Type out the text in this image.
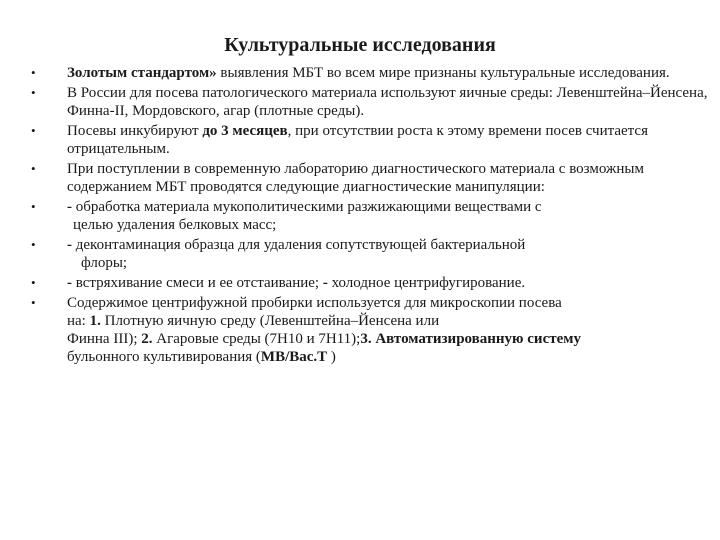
Культуральные исследования
• Золотым стандартом» выявления МБТ во всем мире признаны культуральные исследования.
• В России для посева патологического материала используют яичные среды: Левенштейна–Йенсена, Финна-II, Мордовского, агар (плотные среды).
• Посевы инкубируют до 3 месяцев, при отсутствии роста к этому времени посев считается отрицательным.
• При поступлении в современную лабораторию диагностического материала с возможным содержанием МБТ проводятся следующие диагностические манипуляции:
• - обработка материала мукополитическими разжижающими веществами с
целью удаления белковых масс;
• - деконтаминация образца для удаления сопутствующей бактериальной
флоры;
• - встряхивание смеси и ее отстаивание; - холодное центрифугирование.
• Содержимое центрифужной пробирки используется для микроскопии посева
на: 1. Плотную яичную среду (Левенштейна–Йенсена или
Финна III); 2. Агаровые среды (7H10 и 7H11);3. Автоматизированную систему
бульонного культивирования (MB/Bac.T )
